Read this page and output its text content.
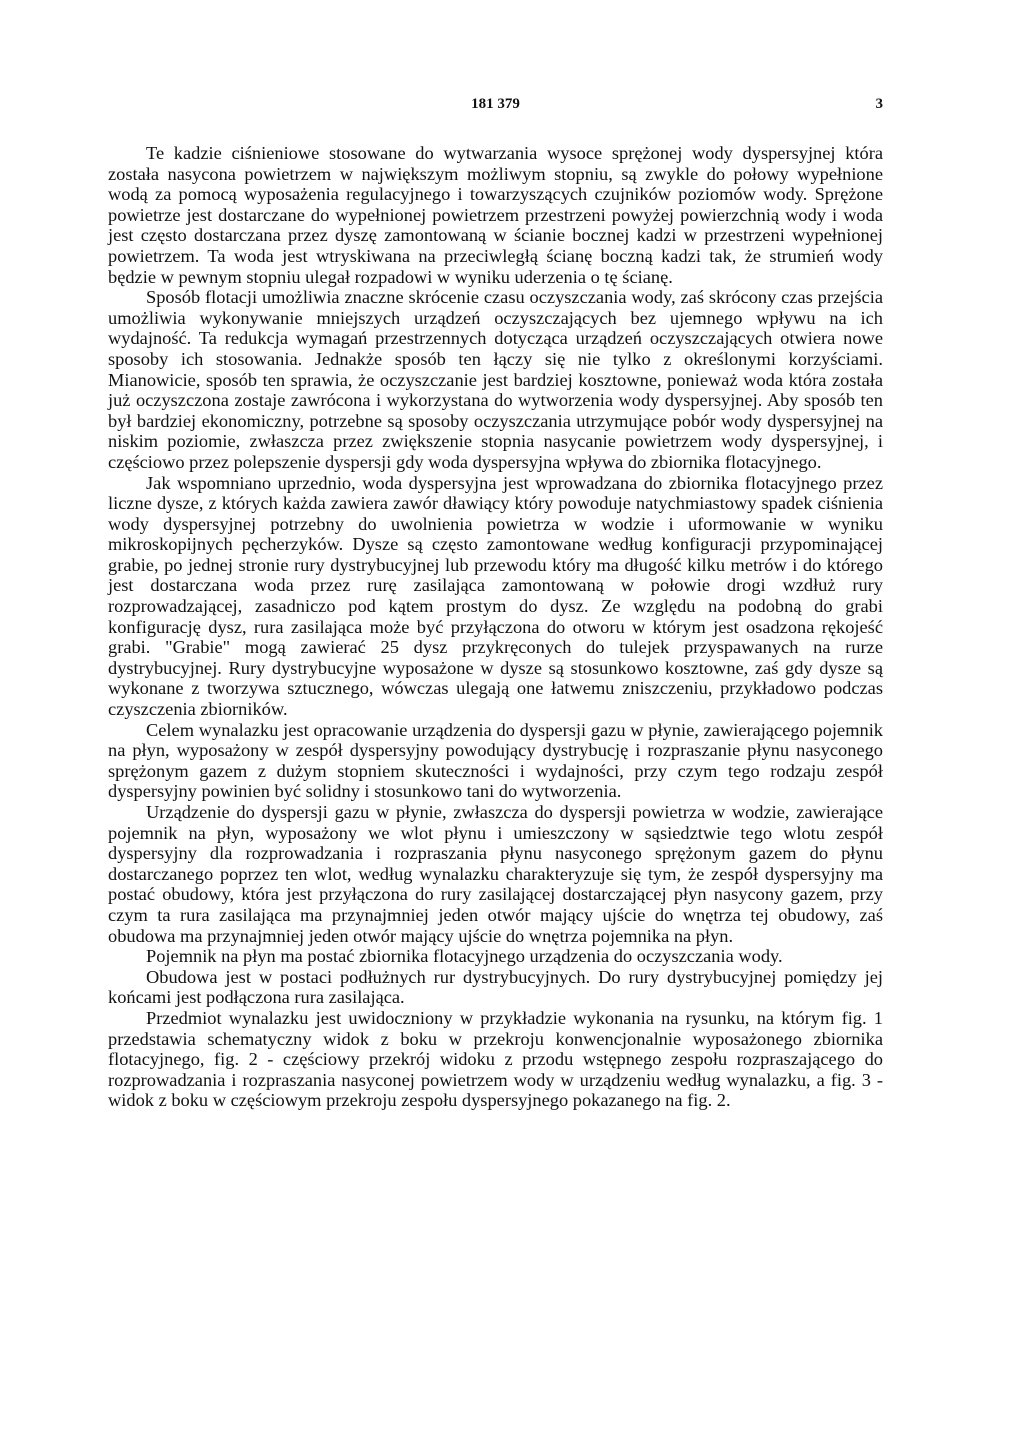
181 379	3

Te kadzie ciśnieniowe stosowane do wytwarzania wysoce sprężonej wody dyspersyjnej która została nasycona powietrzem w największym możliwym stopniu, są zwykle do połowy wypełnione wodą za pomocą wyposażenia regulacyjnego i towarzyszących czujników poziomów wody. Sprężone powietrze jest dostarczane do wypełnionej powietrzem przestrzeni powyżej powierzchnią wody i woda jest często dostarczana przez dyszę zamontowaną w ścianie bocznej kadzi w przestrzeni wypełnionej powietrzem. Ta woda jest wtryskiwana na przeciwległą ścianę boczną kadzi tak, że strumień wody będzie w pewnym stopniu ulegał rozpadowi w wyniku uderzenia o tę ścianę.

Sposób flotacji umożliwia znaczne skrócenie czasu oczyszczania wody, zaś skrócony czas przejścia umożliwia wykonywanie mniejszych urządzeń oczyszczających bez ujemnego wpływu na ich wydajność. Ta redukcja wymagań przestrzennych dotycząca urządzeń oczyszczających otwiera nowe sposoby ich stosowania. Jednakże sposób ten łączy się nie tylko z określonymi korzyściami. Mianowicie, sposób ten sprawia, że oczyszczanie jest bardziej kosztowne, ponieważ woda która została już oczyszczona zostaje zawrócona i wykorzystana do wytworzenia wody dyspersyjnej. Aby sposób ten był bardziej ekonomiczny, potrzebne są sposoby oczyszczania utrzymujące pobór wody dyspersyjnej na niskim poziomie, zwłaszcza przez zwiększenie stopnia nasycanie powietrzem wody dyspersyjnej, i częściowo przez polepszenie dyspersji gdy woda dyspersyjna wpływa do zbiornika flotacyjnego.

Jak wspomniano uprzednio, woda dyspersyjna jest wprowadzana do zbiornika flotacyjnego przez liczne dysze, z których każda zawiera zawór dławiący który powoduje natychmiastowy spadek ciśnienia wody dyspersyjnej potrzebny do uwolnienia powietrza w wodzie i uformowanie w wyniku mikroskopijnych pęcherzyków. Dysze są często zamontowane według konfiguracji przypominającej grabie, po jednej stronie rury dystrybucyjnej lub przewodu który ma długość kilku metrów i do którego jest dostarczana woda przez rurę zasilająca zamontowaną w połowie drogi wzdłuż rury rozprowadzającej, zasadniczo pod kątem prostym do dysz. Ze względu na podobną do grabi konfigurację dysz, rura zasilająca może być przyłączona do otworu w którym jest osadzona rękojeść grabi. "Grabie" mogą zawierać 25 dysz przykręconych do tulejek przyspawanych na rurze dystrybucyjnej. Rury dystrybucyjne wyposażone w dysze są stosunkowo kosztowne, zaś gdy dysze są wykonane z tworzywa sztucznego, wówczas ulegają one łatwemu zniszczeniu, przykładowo podczas czyszczenia zbiorników.

Celem wynalazku jest opracowanie urządzenia do dyspersji gazu w płynie, zawierającego pojemnik na płyn, wyposażony w zespół dyspersyjny powodujący dystrybucję i rozpraszanie płynu nasyconego sprężonym gazem z dużym stopniem skuteczności i wydajności, przy czym tego rodzaju zespół dyspersyjny powinien być solidny i stosunkowo tani do wytworzenia.

Urządzenie do dyspersji gazu w płynie, zwłaszcza do dyspersji powietrza w wodzie, zawierające pojemnik na płyn, wyposażony we wlot płynu i umieszczony w sąsiedztwie tego wlotu zespół dyspersyjny dla rozprowadzania i rozpraszania płynu nasyconego sprężonym gazem do płynu dostarczanego poprzez ten wlot, według wynalazku charakteryzuje się tym, że zespół dyspersyjny ma postać obudowy, która jest przyłączona do rury zasilającej dostarczającej płyn nasycony gazem, przy czym ta rura zasilająca ma przynajmniej jeden otwór mający ujście do wnętrza tej obudowy, zaś obudowa ma przynajmniej jeden otwór mający ujście do wnętrza pojemnika na płyn.

Pojemnik na płyn ma postać zbiornika flotacyjnego urządzenia do oczyszczania wody.

Obudowa jest w postaci podłużnych rur dystrybucyjnych. Do rury dystrybucyjnej pomiędzy jej końcami jest podłączona rura zasilająca.

Przedmiot wynalazku jest uwidoczniony w przykładzie wykonania na rysunku, na którym fig. 1 przedstawia schematyczny widok z boku w przekroju konwencjonalnie wyposażonego zbiornika flotacyjnego, fig. 2 - częściowy przekrój widoku z przodu wstępnego zespołu rozpraszającego do rozprowadzania i rozpraszania nasyconej powietrzem wody w urządzeniu według wynalazku, a fig. 3 - widok z boku w częściowym przekroju zespołu dyspersyjnego pokazanego na fig. 2.
